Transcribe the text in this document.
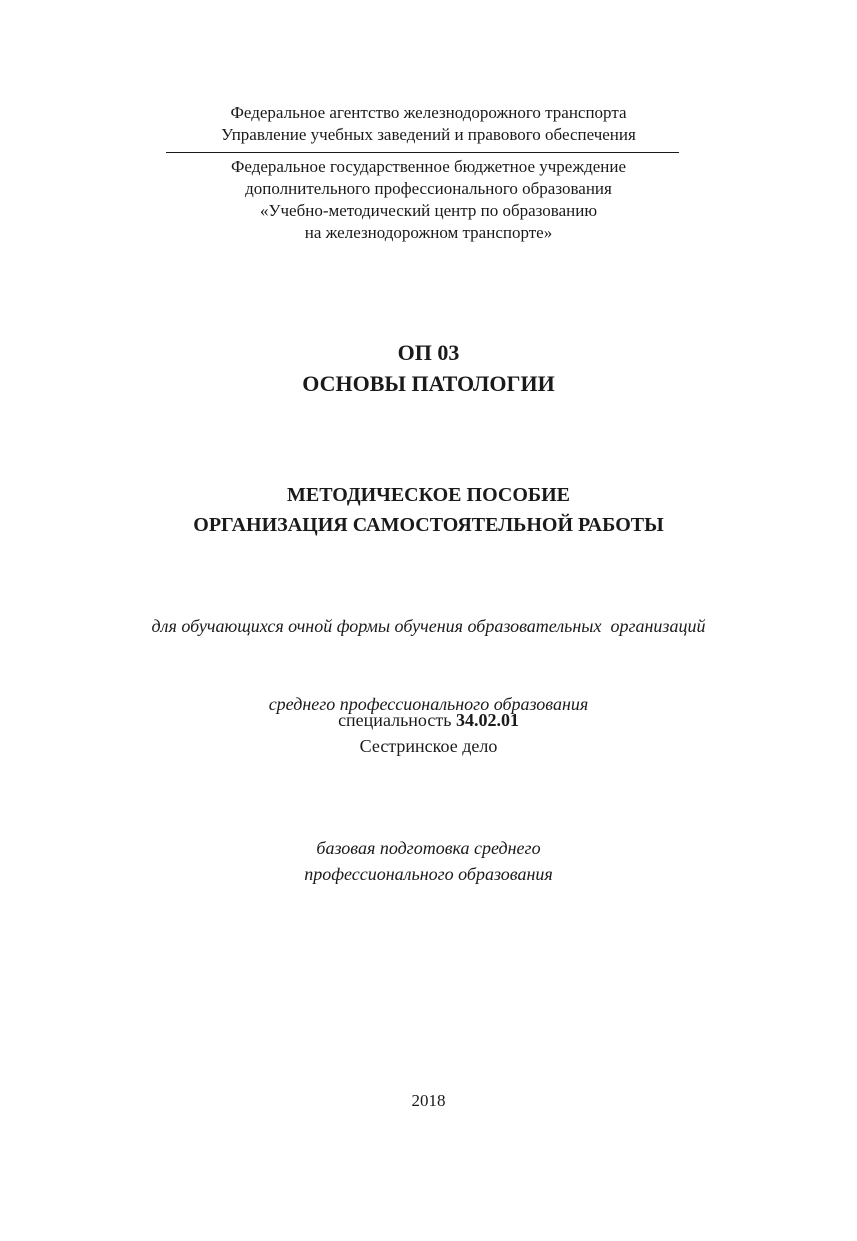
Федеральное агентство железнодорожного транспорта
Управление учебных заведений и правового обеспечения
Федеральное государственное бюджетное учреждение
дополнительного профессионального образования
«Учебно-методический центр по образованию
на железнодорожном транспорте»
ОП 03
ОСНОВЫ ПАТОЛОГИИ
МЕТОДИЧЕСКОЕ ПОСОБИЕ
ОРГАНИЗАЦИЯ САМОСТОЯТЕЛЬНОЙ РАБОТЫ

для обучающихся очной формы обучения образовательных  организаций

среднего профессионального образования

специальность 34.02.01
Сестринское дело
базовая подготовка среднего
профессионального образования
2018
